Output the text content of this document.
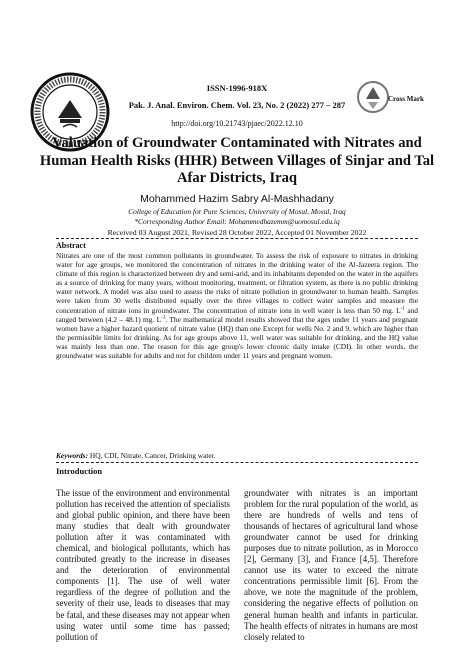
ISSN-1996-918X
Pak. J. Anal. Environ. Chem. Vol. 23, No. 2 (2022) 277 – 287
http://doi.org/10.21743/pjaec/2022.12.10
Cross Mark
Valuation of Groundwater Contaminated with Nitrates and Human Health Risks (HHR) Between Villages of Sinjar and Tal Afar Districts, Iraq
Mohammed Hazim Sabry Al-Mashhadany
College of Education for Pure Sciences, University of Mosul, Mosul, Iraq
*Corresponding Author Email: Mohammedhazemm@uomosul.edu.iq
Received 03 August 2021, Revised 28 October 2022, Accepted 01 November 2022
Abstract
Nitrates are one of the most common pollutants in groundwater. To assess the risk of exposure to nitrates in drinking water for age groups, we monitored the concentration of nitrates in the drinking water of the Al-Jazeera region. The climate of this region is characterized between dry and semi-arid, and its inhabitants depended on the water in the aquifers as a source of drinking for many years, without monitoring, treatment, or filtration system, as there is no public drinking water network. A model was also used to assess the risks of nitrate pollution in groundwater to human health. Samples were taken from 30 wells distributed equally over the three villages to collect water samples and measure the concentration of nitrate ions in groundwater. The concentration of nitrate ions in well water is less than 50 mg. $L^{-1}$ and ranged between (4.2 – 48.1) mg. $L^{-1}$. The mathematical model results showed that the ages under 11 years and pregnant women have a higher hazard quotient of nitrate value (HQ) than one Except for wells No. 2 and 9, which are higher than the permissible limits for drinking. As for age groups above 11, well water was suitable for drinking, and the HQ value was mainly less than one. The reason for this age group's lower chronic daily intake (CDI). In other words, the groundwater was suitable for adults and not for children under 11 years and pregnant women.
Keywords: HQ, CDI, Nitrate, Cancer, Drinking water.
Introduction
The issue of the environment and environmental pollution has received the attention of specialists and global public opinion, and there have been many studies that dealt with groundwater pollution after it was contaminated with chemical, and biological pollutants, which has contributed greatly to the increase in diseases and the deterioration of environmental components [1]. The use of well water regardless of the degree of pollution and the severity of their use, leads to diseases that may be fatal, and these diseases may not appear when using water until some time has passed; pollution of
groundwater with nitrates is an important problem for the rural population of the world, as there are hundreds of wells and tens of thousands of hectares of agricultural land whose groundwater cannot be used for drinking purposes due to nitrate pollution, as in Morocco [2], Germany [3], and France [4,5]. Therefore cannot use its water to exceed the nitrate concentrations permissible limit [6]. From the above, we note the magnitude of the problem, considering the negative effects of pollution on general human health and infants in particular. The health effects of nitrates in humans are most closely related to
